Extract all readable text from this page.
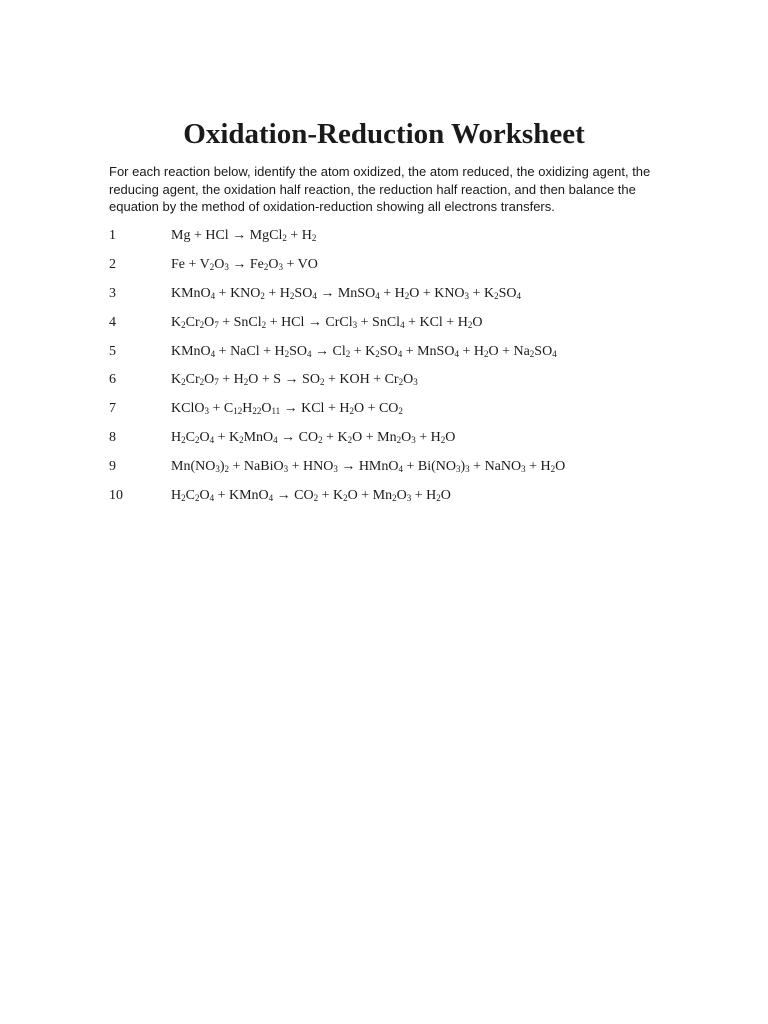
Oxidation-Reduction Worksheet

For each reaction below, identify the atom oxidized, the atom reduced, the oxidizing agent, the reducing agent, the oxidation half reaction, the reduction half reaction, and then balance the equation by the method of oxidation-reduction showing all electrons transfers.

1	Mg + HCl → MgCl$_2$ + $H_2$
2	$Fe + V_2O_3 \to Fe_2O_3$ + VO
3	KMnO$_4$ + $KNO_2 + H_2SO_4$ → MnSO$_4$ + $H_2O + KNO_3 + K_2SO_4$
4	$K_2Cr_2O_7$ + SnCl$_2$ + HCl → CrCl$_3$ + SnCl$_4$ + KCl + $H_2O$
5	KMnO$_4$ + NaCl + $H_2SO_4 \to Cl_2 + K_2SO_4$ + MnSO$_4$ + $H_2O + Na_2SO_4$
6	$K_2Cr_2O_7 + H_2O + S \to SO_2$ + KOH + $Cr_2O_3$
7	KClO$_3$ + $C_{12}H_{22}O_{11}$ → KCl + $H_2O + CO_2$
8	$H_2C_2O_4 + K_2MnO_4 \to CO_2 + K_2O + Mn_2O_3 + H_2O$
9	$Mn(NO_3)_2$ + NaBiO$_3$ + $HNO_3$ → HMnO$_4$ + $Bi(NO_3)_3$ + NaNO$_3$ + $H_2O$
10	$H_2C_2O_4$ + KMnO$_4$ → $CO_2 + K_2O + Mn_2O_3 + H_2O$
